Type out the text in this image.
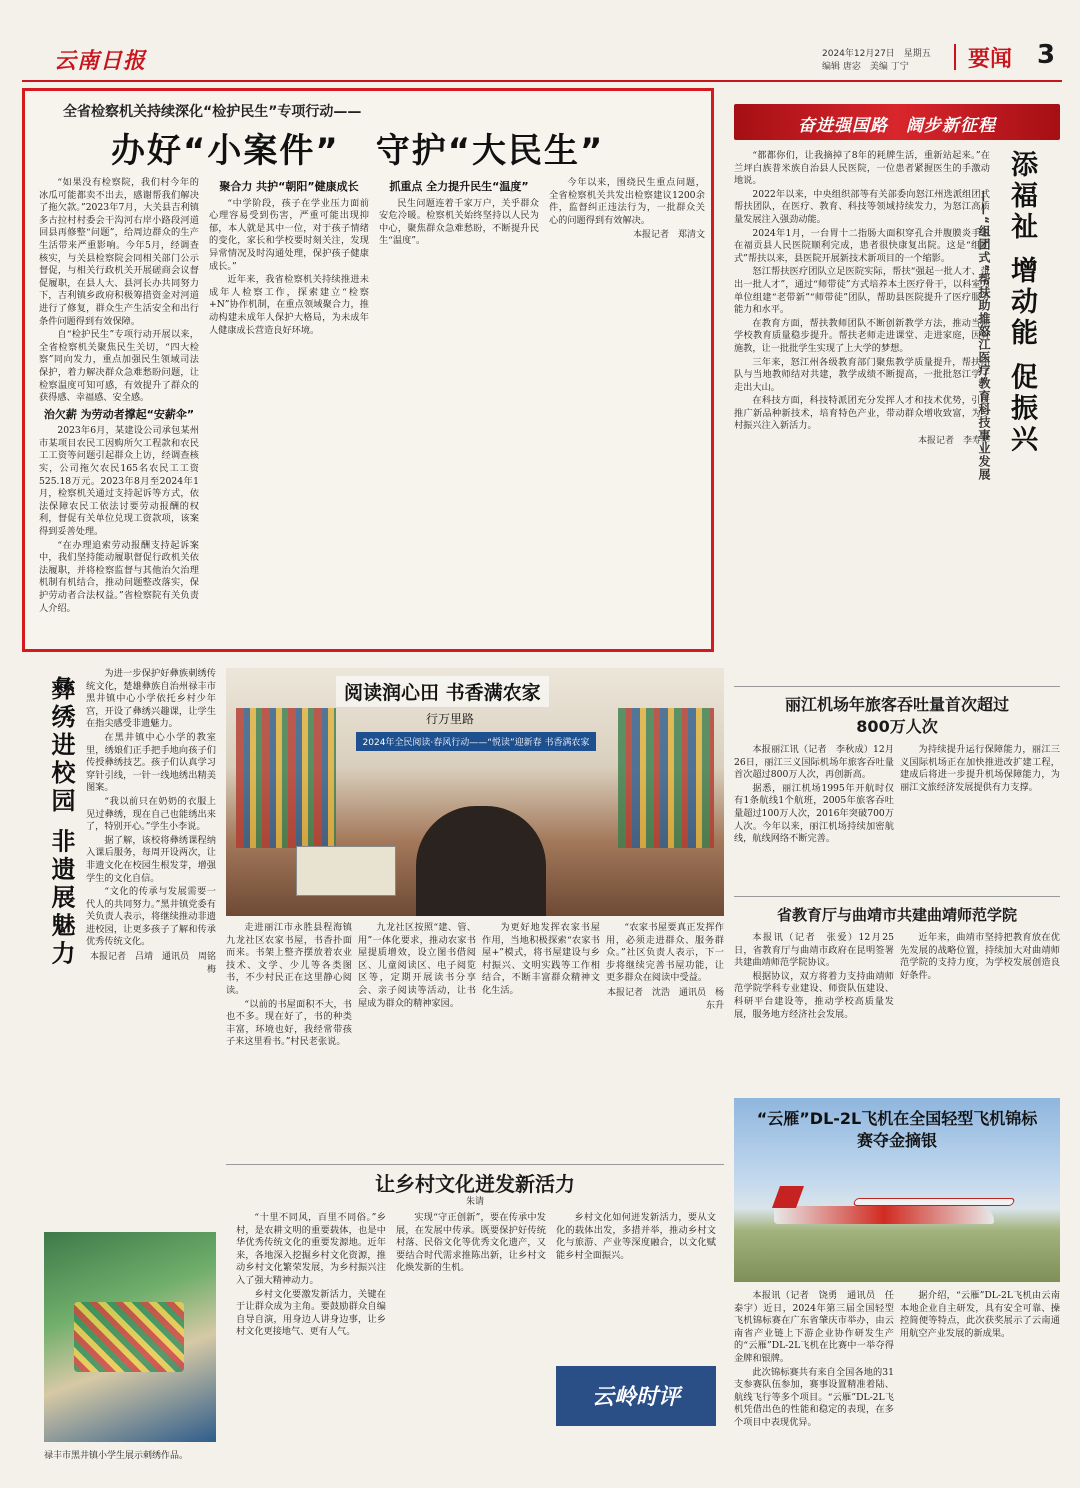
云南日报	2024年12月27日　星期五
编辑 唐宓　美编 丁宁	要闻 3
全省检察机关持续深化“检护民生”专项行动——
办好“小案件”　守护“大民生”

“如果没有检察院，我们村今年的冰瓜可能都卖不出去，感谢帮我们解决了拖欠款。”2023年7月，大关县吉利镇多古拉村村委会干沟河右岸小路段河道回县再修整“问题”，给周边群众的生产生活带来严重影响。今年5月，经调查核实，与关县检察院会同相关部门公示督促，与相关行政机关开展磋商会议督促履职，在县人大、县河长办共同努力下，吉利镇乡政府积极筹措资金对河道进行了修复，群众生产生活安全和出行条件问题得到有效保障。

自“检护民生”专项行动开展以来，全省检察机关聚焦民生关切，“四大检察”同向发力，重点加强民生领域司法保护，着力解决群众急难愁盼问题，让检察温度可知可感，有效提升了群众的获得感、幸福感、安全感。

治欠薪 为劳动者撑起“安薪伞”

2023年6月，某建设公司承包某州市某项目农民工因购所欠工程款和农民工工资等问题引起群众上访，经调查核实，公司拖欠农民165名农民工工资525.18万元。2023年8月至2024年1月，检察机关通过支持起诉等方式，依法保障农民工依法讨要劳动报酬的权利，督促有关单位兑现工资款项，该案得到妥善处理。

“在办理追索劳动报酬支持起诉案中，我们坚持能动履职督促行政机关依法履职，并将检察监督与其他治欠治理机制有机结合，推动问题整改落实，保护劳动者合法权益。”省检察院有关负责人介绍。

聚合力 共护“朝阳”健康成长

“中学阶段，孩子在学业压力面前心理容易受到伤害，严重可能出现抑郁，本人就是其中一位，对于孩子情绪的变化，家长和学校要时刻关注，发现异常情况及时沟通处理，保护孩子健康成长。”

近年来，我省检察机关持续推进未成年人检察工作，探索建立“检察+N”协作机制，在重点领域聚合力，推动构建未成年人保护大格局，为未成年人健康成长营造良好环境。

抓重点 全力提升民生“温度”

民生问题连着千家万户，关乎群众安危冷暖。检察机关始终坚持以人民为中心，聚焦群众急难愁盼，不断提升民生“温度”。

今年以来，围绕民生重点问题，全省检察机关共发出检察建议1200余件，监督纠正违法行为，一批群众关心的问题得到有效解决。

本报记者　郑清文
奋进强国路　阔步新征程

“都都你们，让我摘掉了8年的耗牌生活，重新站起来。”在兰坪白族普米族自治县人民医院，一位患者紧握医生的手激动地说。

2022年以来，中央组织部等有关部委向怒江州选派组团式帮扶团队，在医疗、教育、科技等领域持续发力，为怒江高质量发展注入强劲动能。

2024年1月，一台胃十二指肠大面积穿孔合并腹膜炎手术在福贡县人民医院顺利完成，患者很快康复出院。这是“组团式”帮扶以来，县医院开展新技术新项目的一个缩影。

怒江帮扶医疗团队立足医院实际，帮扶“强起一批人才、带出一批人才”，通过“师带徒”方式培养本土医疗骨干，以科室为单位组建“老带新”“师带徒”团队，帮助县医院提升了医疗服务能力和水平。

在教育方面，帮扶教师团队不断创新教学方法，推动当地学校教育质量稳步提升。帮扶老师走进课堂、走进家庭，因材施教，让一批批学生实现了上大学的梦想。

三年来，怒江州各级教育部门聚焦教学质量提升，帮扶团队与当地教师结对共建，教学成绩不断提高，一批批怒江学子走出大山。

在科技方面，科技特派团充分发挥人才和技术优势，引进推广新品种新技术，培育特色产业，带动群众增收致富，为乡村振兴注入新活力。

本报记者　李寿华 添福祉 增动能 促振兴
——“组团式”帮扶助推怒江医疗教育科技事业发展
彝绣进校园 非遗展魅力

为进一步保护好彝族刺绣传统文化，楚雄彝族自治州禄丰市黑井镇中心小学依托乡村少年宫，开设了彝绣兴趣课，让学生在指尖感受非遗魅力。

在黑井镇中心小学的教室里，绣娘们正手把手地向孩子们传授彝绣技艺。孩子们认真学习穿针引线，一针一线地绣出精美图案。

“我以前只在奶奶的衣服上见过彝绣，现在自己也能绣出来了，特别开心。”学生小李说。

据了解，该校将彝绣课程纳入课后服务，每周开设两次，让非遗文化在校园生根发芽，增强学生的文化自信。

“文化的传承与发展需要一代人的共同努力。”黑井镇党委有关负责人表示，将继续推动非遗进校园，让更多孩子了解和传承优秀传统文化。

本报记者　吕靖　通讯员　周铭梅
禄丰市黑井镇小学生展示刺绣作品。
阅读润心田 书香满农家
行万里路
2024年全民阅读·春风行动——“悦读”迎新春 书香满农家

走进丽江市永胜县程海镇九龙社区农家书屋，书香扑面而来。书架上整齐摆放着农业技术、文学、少儿等各类图书，不少村民正在这里静心阅读。

“以前的书屋面积不大，书也不多。现在好了，书的种类丰富，环境也好，我经常带孩子来这里看书。”村民老张说。

九龙社区按照“建、管、用”一体化要求，推动农家书屋提质增效，设立图书借阅区、儿童阅读区、电子阅览区等，定期开展读书分享会、亲子阅读等活动，让书屋成为群众的精神家园。

为更好地发挥农家书屋作用，当地积极探索“农家书屋+”模式，将书屋建设与乡村振兴、文明实践等工作相结合，不断丰富群众精神文化生活。

“农家书屋要真正发挥作用，必须走进群众、服务群众。”社区负责人表示，下一步将继续完善书屋功能，让更多群众在阅读中受益。

本报记者　沈浩　通讯员　杨东升
让乡村文化迸发新活力
朱请

“十里不同风，百里不同俗。”乡村，是农耕文明的重要载体，也是中华优秀传统文化的重要发源地。近年来，各地深入挖掘乡村文化资源，推动乡村文化繁荣发展，为乡村振兴注入了强大精神动力。

乡村文化要激发新活力，关键在于让群众成为主角。要鼓励群众自编自导自演，用身边人讲身边事，让乡村文化更接地气、更有人气。

实现“守正创新”，要在传承中发展，在发展中传承。既要保护好传统村落、民俗文化等优秀文化遗产，又要结合时代需求推陈出新，让乡村文化焕发新的生机。

乡村文化如何迸发新活力，要从文化的载体出发，多措并举，推动乡村文化与旅游、产业等深度融合，以文化赋能乡村全面振兴。

云岭时评
丽江机场年旅客吞吐量首次超过800万人次

本报丽江讯（记者　李秋成）12月26日，丽江三义国际机场年旅客吞吐量首次超过800万人次，再创新高。

据悉，丽江机场1995年开航时仅有1条航线1个航班，2005年旅客吞吐量超过100万人次，2016年突破700万人次。今年以来，丽江机场持续加密航线，航线网络不断完善。

为持续提升运行保障能力，丽江三义国际机场正在加快推进改扩建工程，建成后将进一步提升机场保障能力，为丽江文旅经济发展提供有力支撑。

省教育厅与曲靖市共建曲靖师范学院

本报讯（记者　张爱）12月25日，省教育厅与曲靖市政府在昆明签署共建曲靖师范学院协议。

根据协议，双方将着力支持曲靖师范学院学科专业建设、师资队伍建设、科研平台建设等，推动学校高质量发展，服务地方经济社会发展。

近年来，曲靖市坚持把教育放在优先发展的战略位置，持续加大对曲靖师范学院的支持力度，为学校发展创造良好条件。

“云雁”DL-2L飞机在全国轻型飞机锦标赛夺金摘银

本报讯（记者　饶勇　通讯员　任泰宇）近日，2024年第三届全国轻型飞机锦标赛在广东省肇庆市举办，由云南省产业链上下游企业协作研发生产的“云雁”DL-2L飞机在比赛中一举夺得金牌和银牌。

此次锦标赛共有来自全国各地的31支参赛队伍参加，赛事设置精准着陆、航线飞行等多个项目。“云雁”DL-2L飞机凭借出色的性能和稳定的表现，在多个项目中表现优异。

据介绍，“云雁”DL-2L飞机由云南本地企业自主研发，具有安全可靠、操控简便等特点，此次获奖展示了云南通用航空产业发展的新成果。
